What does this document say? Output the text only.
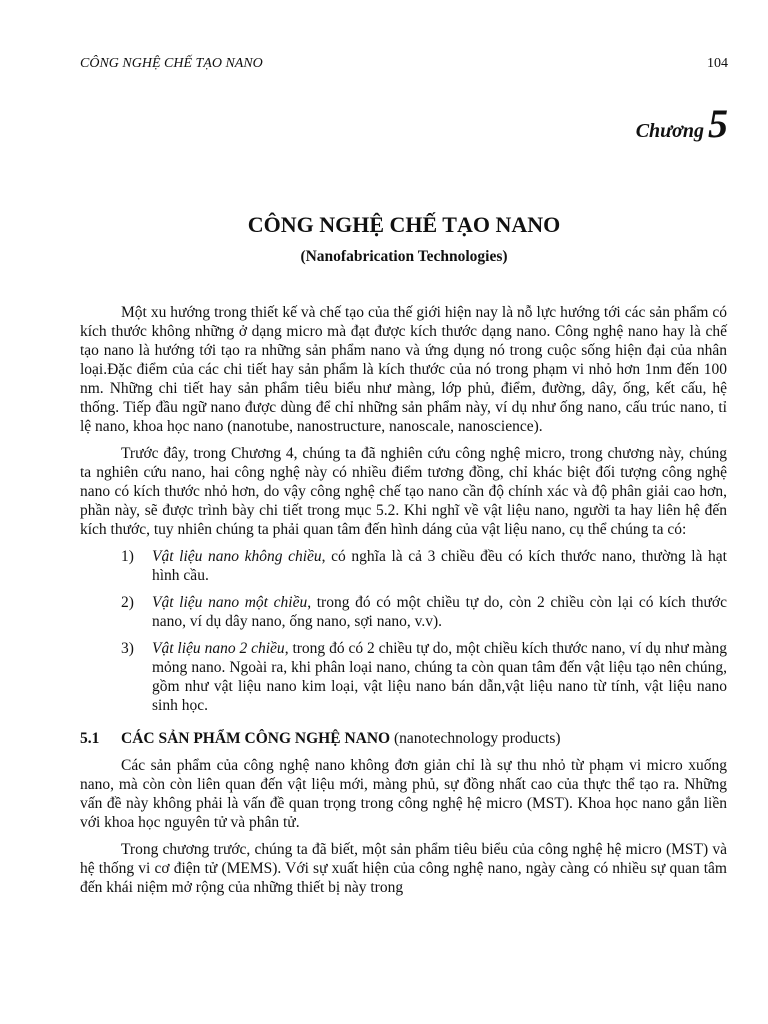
CÔNG NGHỆ CHẾ TẠO NANO	104
Chương 5
CÔNG NGHỆ CHẾ TẠO NANO
(Nanofabrication Technologies)

Một xu hướng trong thiết kế và chế tạo của thế giới hiện nay là nỗ lực hướng tới các sản phẩm có kích thước không những ở dạng micro mà đạt được kích thước dạng nano. Công nghệ nano hay là chế tạo nano là hướng tới tạo ra những sản phẩm nano và ứng dụng nó trong cuộc sống hiện đại của nhân loại.Đặc điểm của các chi tiết hay sản phẩm là kích thước của nó trong phạm vi nhỏ hơn 1nm đến 100 nm. Những chi tiết hay sản phẩm tiêu biểu như màng, lớp phủ, điểm, đường, dây, ống, kết cấu, hệ thống. Tiếp đầu ngữ nano được dùng để chỉ những sản phẩm này, ví dụ như ống nano, cấu trúc nano, tỉ lệ nano, khoa học nano (nanotube, nanostructure, nanoscale, nanoscience).

Trước đây, trong Chương 4, chúng ta đã nghiên cứu công nghệ micro, trong chương này, chúng ta nghiên cứu nano, hai công nghệ này có nhiều điểm tương đồng, chỉ khác biệt đối tượng công nghệ nano có kích thước nhỏ hơn, do vậy công nghệ chế tạo nano cần độ chính xác và độ phân giải cao hơn, phần này, sẽ được trình bày chi tiết trong mục 5.2. Khi nghĩ về vật liệu nano, người ta hay liên hệ đến kích thước, tuy nhiên chúng ta phải quan tâm đến hình dáng của vật liệu nano, cụ thể chúng ta có:

1)	Vật liệu nano không chiều, có nghĩa là cả 3 chiều đều có kích thước nano, thường là hạt hình cầu.
2)	Vật liệu nano một chiều, trong đó có một chiều tự do, còn 2 chiều còn lại có kích thước nano, ví dụ dây nano, ống nano, sợi nano, v.v).
3)	Vật liệu nano 2 chiều, trong đó có 2 chiều tự do, một chiều kích thước nano, ví dụ như màng mỏng nano. Ngoài ra, khi phân loại nano, chúng ta còn quan tâm đến vật liệu tạo nên chúng, gồm như vật liệu nano kim loại, vật liệu nano bán dẫn,vật liệu nano từ tính, vật liệu nano sinh học.
5.1 CÁC SẢN PHẨM CÔNG NGHỆ NANO (nanotechnology products)

Các sản phẩm của công nghệ nano không đơn giản chỉ là sự thu nhỏ từ phạm vi micro xuống nano, mà còn còn liên quan đến vật liệu mới, màng phủ, sự đồng nhất cao của thực thể tạo ra. Những vấn đề này không phải là vấn đề quan trọng trong công nghệ hệ micro (MST). Khoa học nano gắn liền với khoa học nguyên tử và phân tử.

Trong chương trước, chúng ta đã biết, một sản phẩm tiêu biểu của công nghệ hệ micro (MST) và hệ thống vi cơ điện tử (MEMS). Với sự xuất hiện của công nghệ nano, ngày càng có nhiều sự quan tâm đến khái niệm mở rộng của những thiết bị này trong
